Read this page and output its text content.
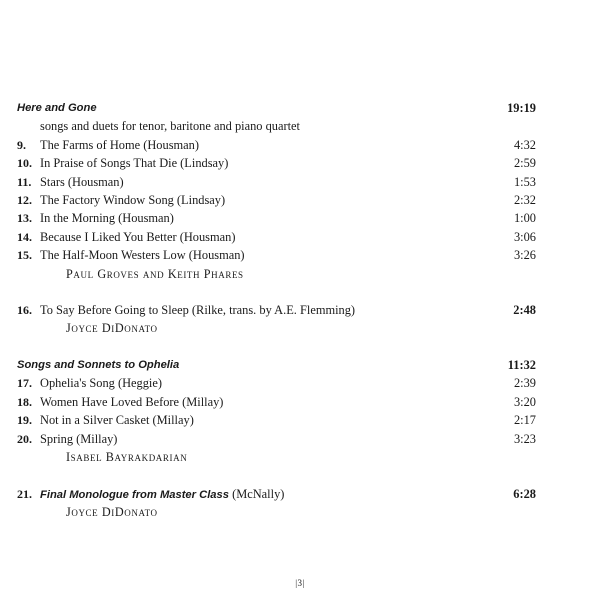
Here and Gone	19:19
songs and duets for tenor, baritone and piano quartet
9. The Farms of Home (Housman)	4:32
10. In Praise of Songs That Die (Lindsay)	2:59
11. Stars (Housman)	1:53
12. The Factory Window Song (Lindsay)	2:32
13. In the Morning (Housman)	1:00
14. Because I Liked You Better (Housman)	3:06
15. The Half-Moon Westers Low (Housman)	3:26
Paul Groves and Keith Phares
16. To Say Before Going to Sleep (Rilke, trans. by A.E. Flemming)	2:48
Joyce DiDonato
Songs and Sonnets to Ophelia	11:32
17. Ophelia's Song (Heggie)	2:39
18. Women Have Loved Before (Millay)	3:20
19. Not in a Silver Casket (Millay)	2:17
20. Spring (Millay)	3:23
Isabel Bayrakdarian
21. Final Monologue from Master Class (McNally)	6:28
Joyce DiDonato
|3|
